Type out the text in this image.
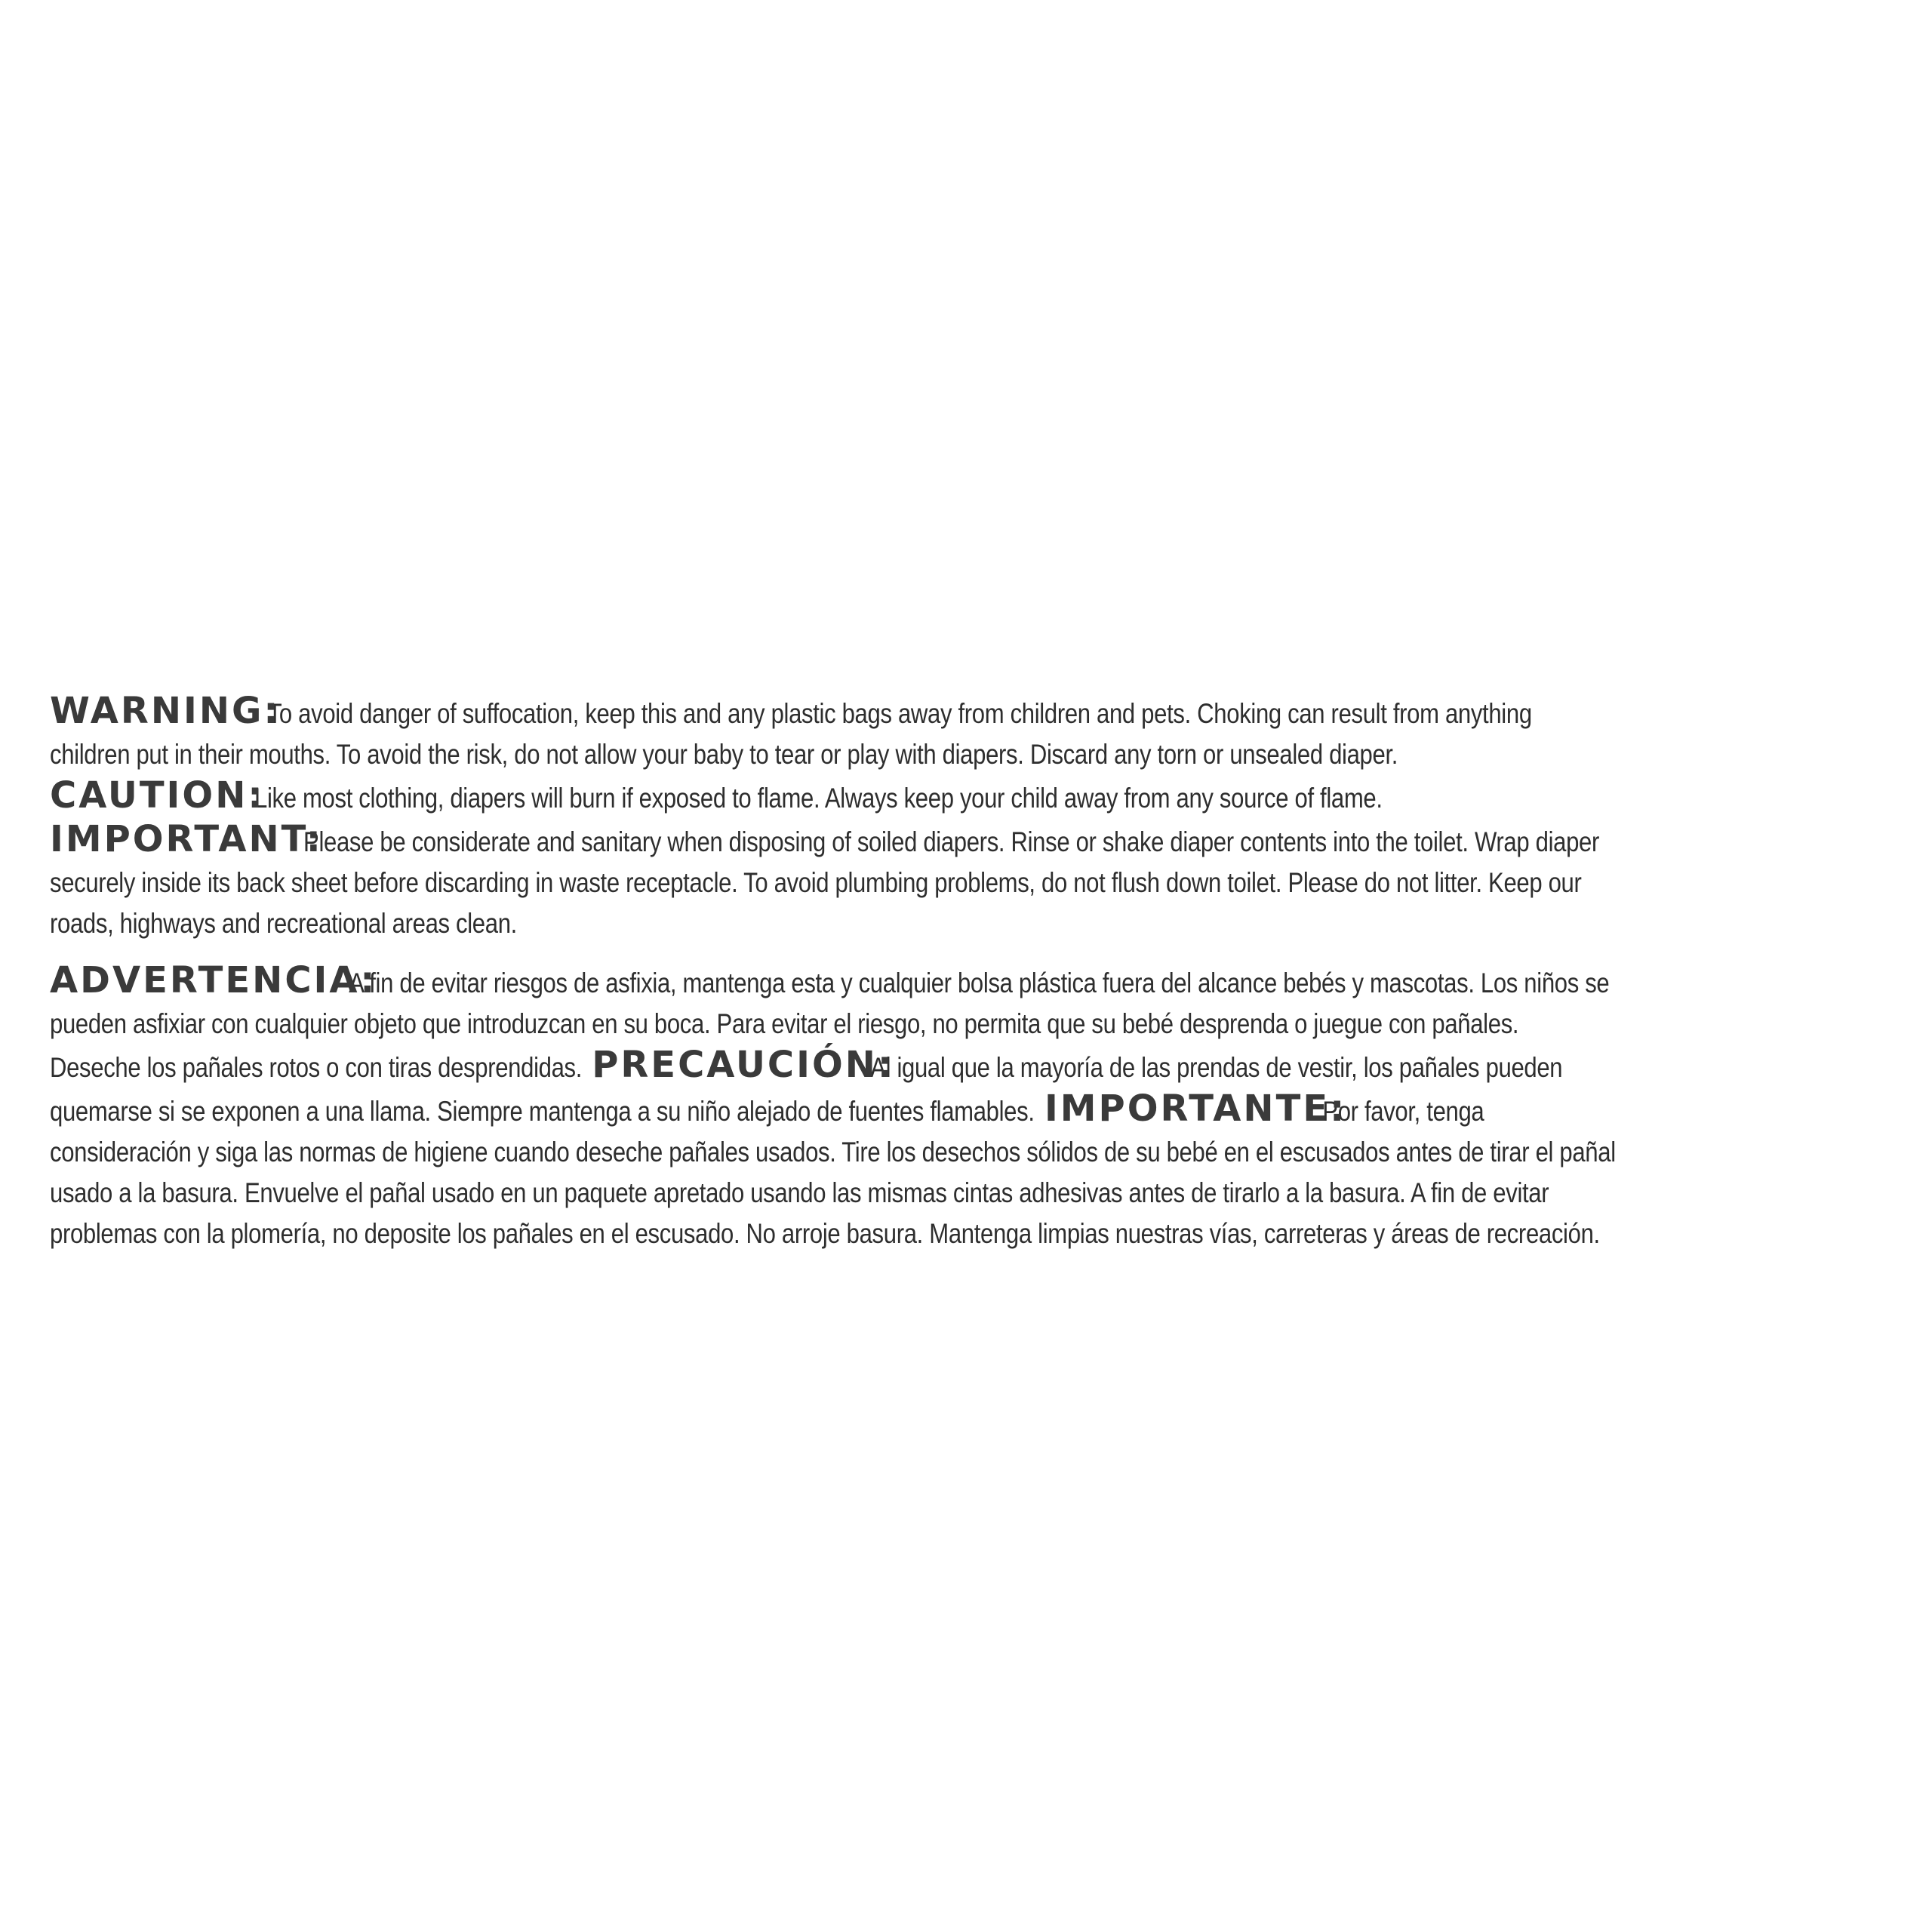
WARNING:To avoid danger of suffocation, keep this and any plastic bags away from children and pets. Choking can result from anything children put in their mouths. To avoid the risk, do not allow your baby to tear or play with diapers. Discard any torn or unsealed diaper.

CAUTION:Like most clothing, diapers will burn if exposed to flame. Always keep your child away from any source of flame.

IMPORTANT:Please be considerate and sanitary when disposing of soiled diapers. Rinse or shake diaper contents into the toilet. Wrap diaper securely inside its back sheet before discarding in waste receptacle. To avoid plumbing problems, do not flush down toilet. Please do not litter. Keep our roads, highways and recreational areas clean.

ADVERTENCIA:A fin de evitar riesgos de asfixia, mantenga esta y cualquier bolsa plástica fuera del alcance bebés y mascotas. Los niños se pueden asfixiar con cualquier objeto que introduzcan en su boca. Para evitar el riesgo, no permita que su bebé desprenda o juegue con pañales. Deseche los pañales rotos o con tiras desprendidas. PRECAUCIÓN:Al igual que la mayoría de las prendas de vestir, los pañales pueden quemarse si se exponen a una llama. Siempre mantenga a su niño alejado de fuentes flamables. IMPORTANTE:Por favor, tenga consideración y siga las normas de higiene cuando deseche pañales usados. Tire los desechos sólidos de su bebé en el escusados antes de tirar el pañal usado a la basura. Envuelve el pañal usado en un paquete apretado usando las mismas cintas adhesivas antes de tirarlo a la basura. A fin de evitar problemas con la plomería, no deposite los pañales en el escusado. No arroje basura. Mantenga limpias nuestras vías, carreteras y áreas de recreación.
